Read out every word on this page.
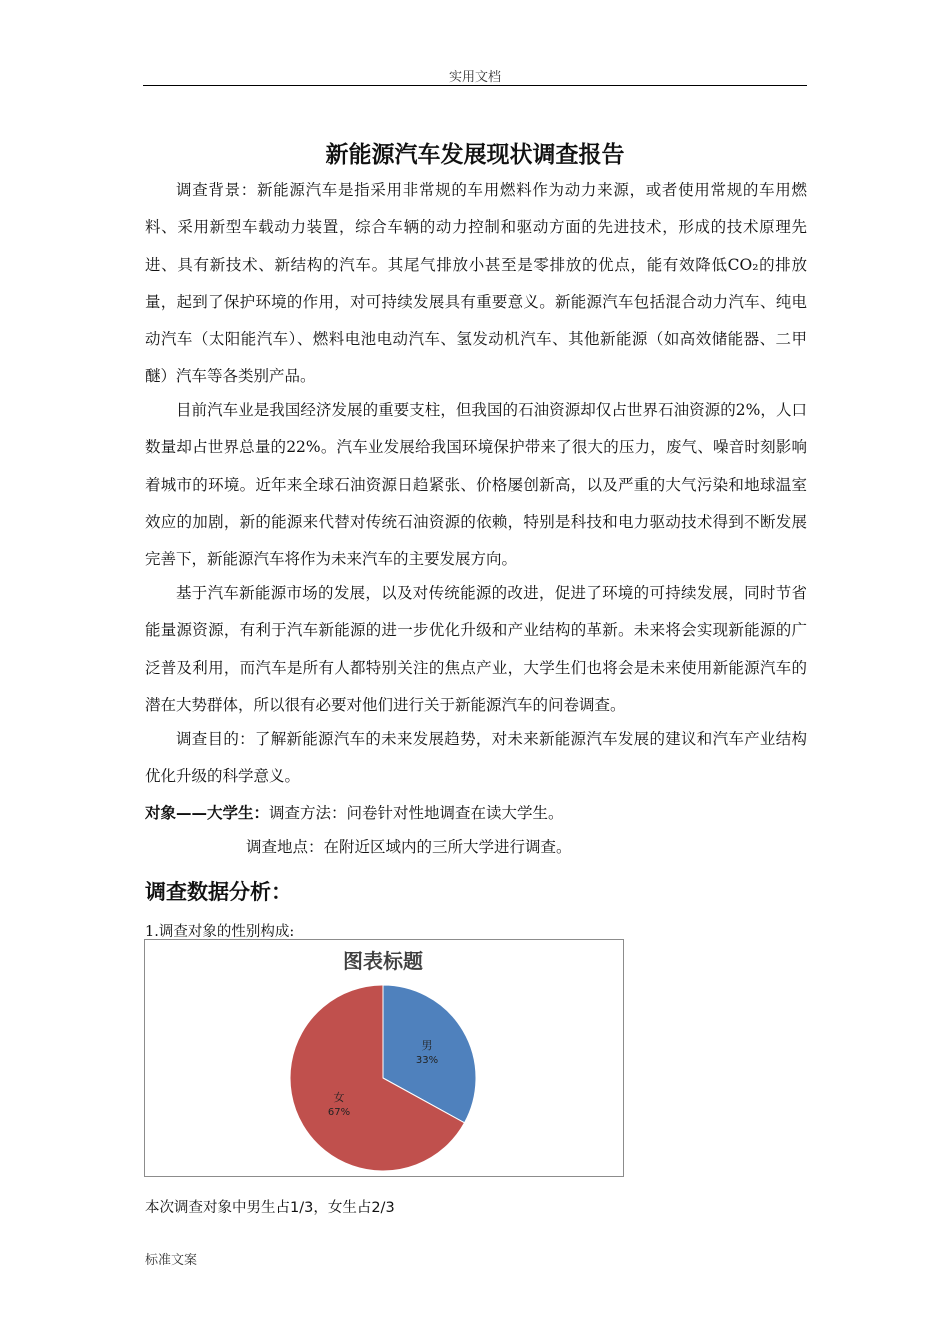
实用文档
新能源汽车发展现状调查报告

调查背景：新能源汽车是指采用非常规的车用燃料作为动力来源，或者使用常规的车用燃料、采用新型车载动力装置，综合车辆的动力控制和驱动方面的先进技术，形成的技术原理先进、具有新技术、新结构的汽车。其尾气排放小甚至是零排放的优点，能有效降低CO₂的排放量，起到了保护环境的作用，对可持续发展具有重要意义。新能源汽车包括混合动力汽车、纯电动汽车（太阳能汽车）、燃料电池电动汽车、氢发动机汽车、其他新能源（如高效储能器、二甲醚）汽车等各类别产品。

目前汽车业是我国经济发展的重要支柱，但我国的石油资源却仅占世界石油资源的2%，人口数量却占世界总量的22%。汽车业发展给我国环境保护带来了很大的压力，废气、噪音时刻影响着城市的环境。近年来全球石油资源日趋紧张、价格屡创新高，以及严重的大气污染和地球温室效应的加剧，新的能源来代替对传统石油资源的依赖，特别是科技和电力驱动技术得到不断发展完善下，新能源汽车将作为未来汽车的主要发展方向。

基于汽车新能源市场的发展，以及对传统能源的改进，促进了环境的可持续发展，同时节省能量源资源，有利于汽车新能源的进一步优化升级和产业结构的革新。未来将会实现新能源的广泛普及利用，而汽车是所有人都特别关注的焦点产业，大学生们也将会是未来使用新能源汽车的潜在大势群体，所以很有必要对他们进行关于新能源汽车的问卷调查。

调查目的：了解新能源汽车的未来发展趋势，对未来新能源汽车发展的建议和汽车产业结构优化升级的科学意义。

对象——大学生：调查方法：问卷针对性地调查在读大学生。
调查地点：在附近区域内的三所大学进行调查。
调查数据分析：
1.调查对象的性别构成:
图表标题
男
33%
女
67%
本次调查对象中男生占1/3，女生占2/3
标准文案
